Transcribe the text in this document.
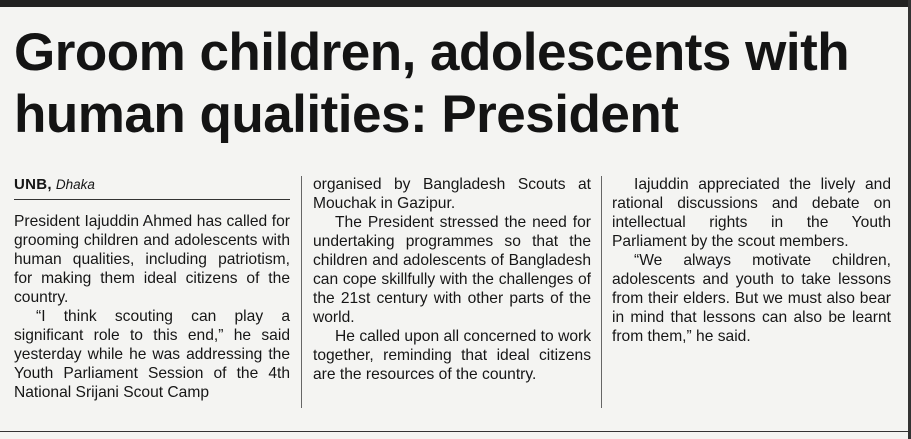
Groom children, adolescents with
human qualities: President
UNB, Dhaka

President Iajuddin Ahmed has called for grooming children and adolescents with human qualities, including patriotism, for making them ideal citizens of the country.

“I think scouting can play a significant role to this end,” he said yesterday while he was addressing the Youth Parliament Session of the 4th National Srijani Scout Camp

organised by Bangladesh Scouts at Mouchak in Gazipur.

The President stressed the need for undertaking programmes so that the children and adolescents of Bangladesh can cope skillfully with the challenges of the 21st century with other parts of the world.

He called upon all concerned to work together, reminding that ideal citizens are the resources of the country.

Iajuddin appreciated the lively and rational discussions and debate on intellectual rights in the Youth Parliament by the scout members.

“We always motivate children, adolescents and youth to take lessons from their elders. But we must also bear in mind that lessons can also be learnt from them,” he said.
